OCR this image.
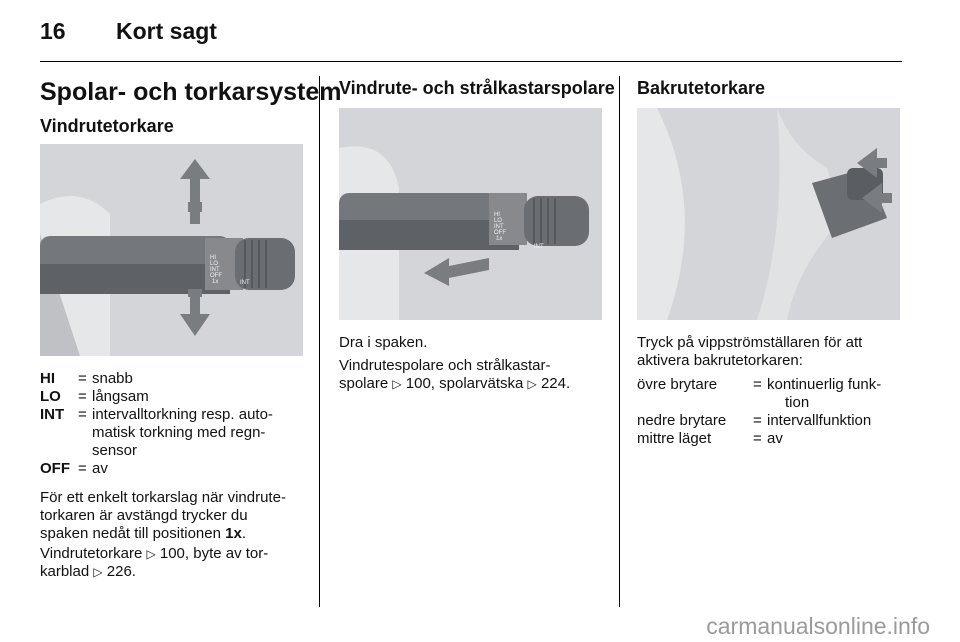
16 Kort sagt
Spolar- och torkarsystem
Vindrutetorkare
HI
LO
INT
OFF
1x	INT
HI	= snabb
LO	= långsam
INT = intervalltorkning resp. auto-
matisk torkning med regn-
sensor
OFF = av
För ett enkelt torkarslag när vindrute-
torkaren är avstängd trycker du
spaken nedåt till positionen 1x.
Vindrutetorkare ▷ 100, byte av tor-
karblad ▷ 226.
Vindrute- och strålkastarspolare
HI
LO
INT
OFF
1x
INT
Dra i spaken.
Vindrutespolare och strålkastar-
spolare ▷ 100, spolarvätska ▷ 224.
Bakrutetorkare
Tryck på vippströmställaren för att
aktivera bakrutetorkaren:
övre brytare	= kontinuerlig funk-
tion
nedre brytare	= intervallfunktion
mittre läget	= av
carmanualsonline.info
